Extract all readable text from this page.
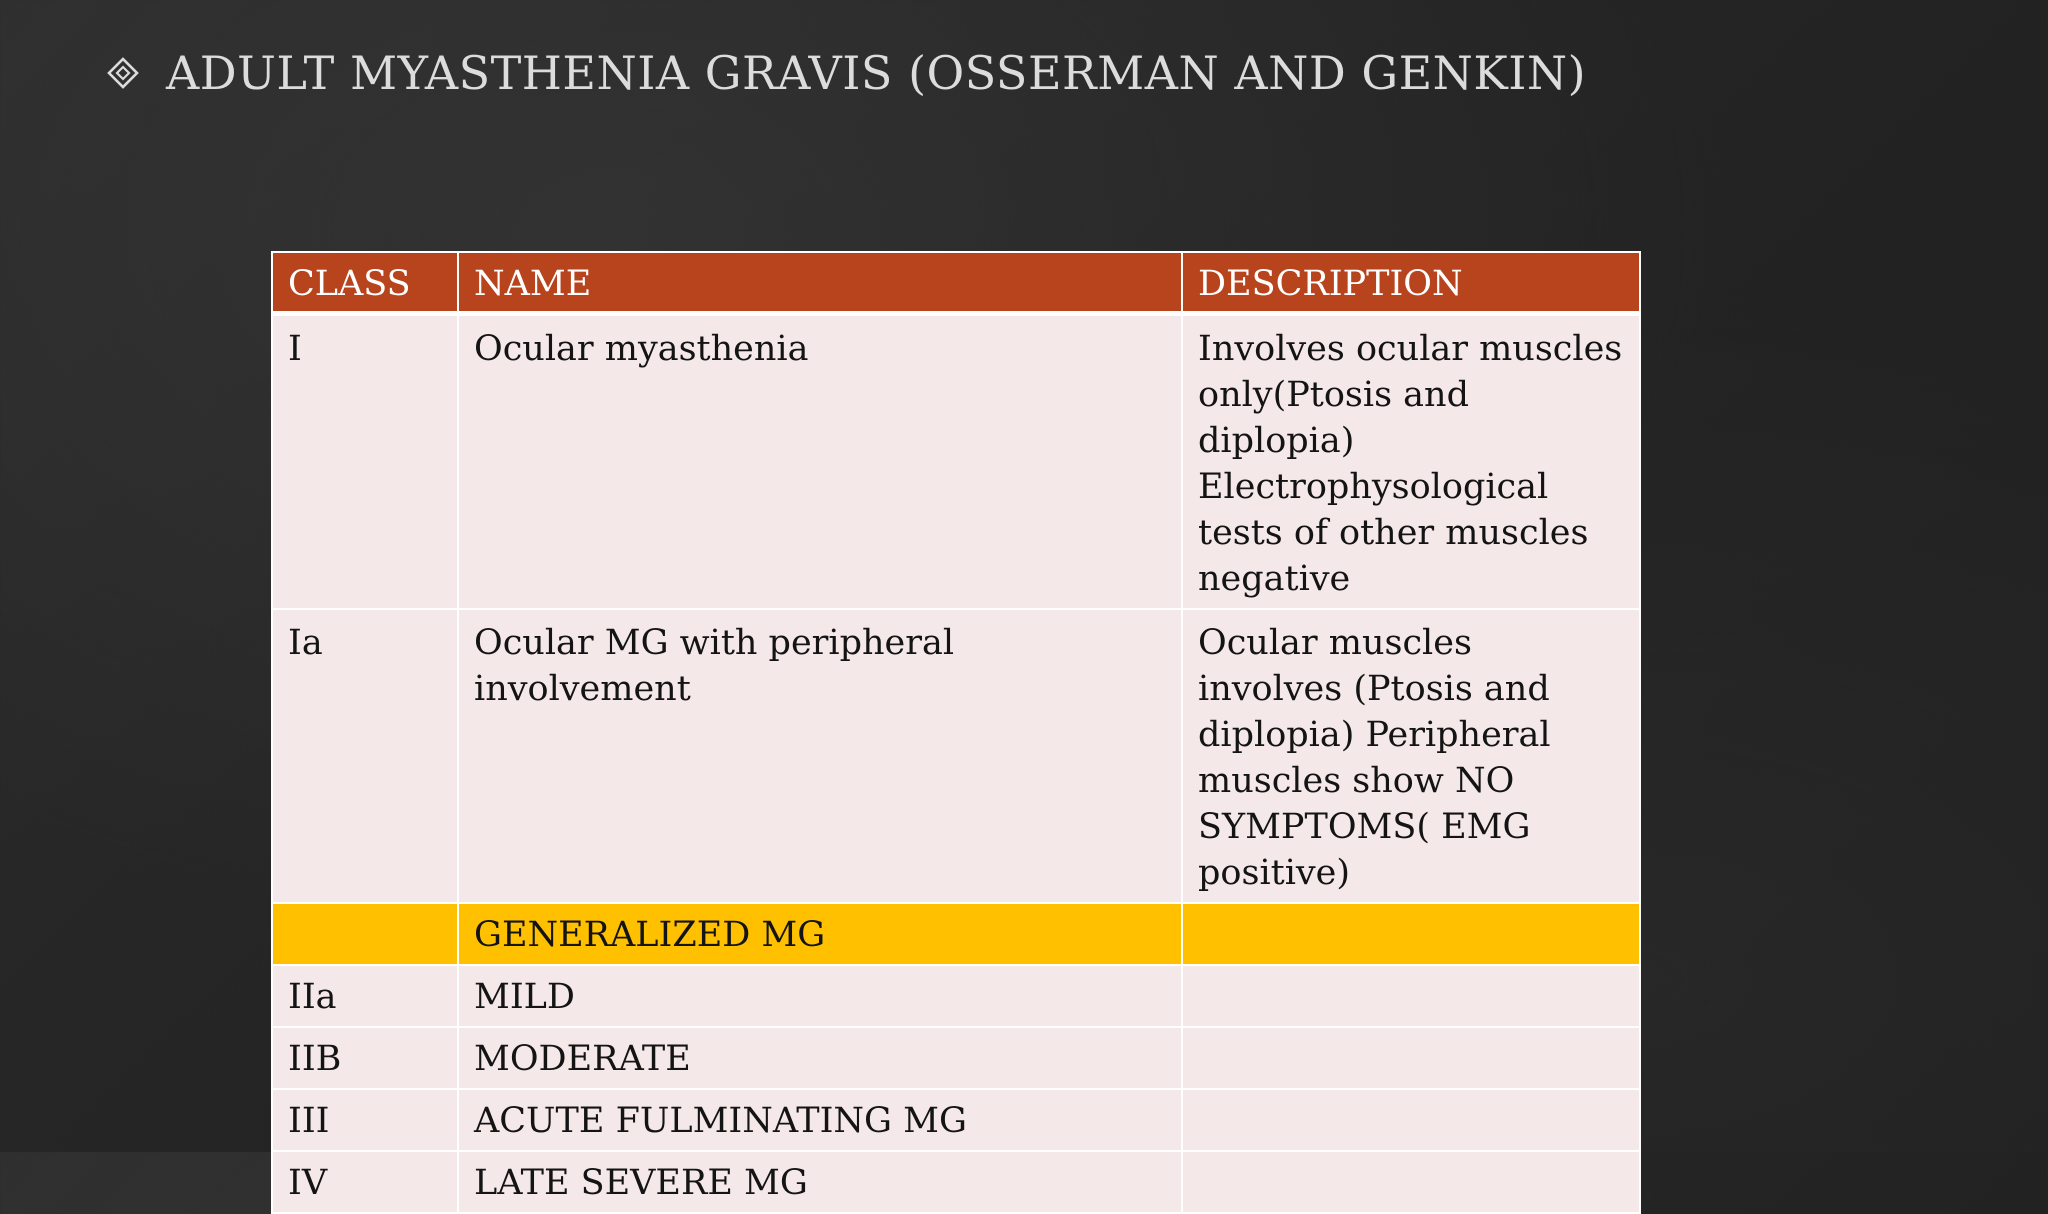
ADULT MYASTHENIA GRAVIS (OSSERMAN AND GENKIN)
CLASS	NAME	DESCRIPTION
I	Ocular myasthenia	Involves ocular muscles only(Ptosis and diplopia) Electrophysological tests of other muscles negative
Ia	Ocular MG with peripheral involvement	Ocular muscles involves (Ptosis and diplopia) Peripheral muscles show NO SYMPTOMS( EMG positive)
	GENERALIZED MG	
IIa	MILD	
IIB	MODERATE	
III	ACUTE FULMINATING MG	
IV	LATE SEVERE MG	
